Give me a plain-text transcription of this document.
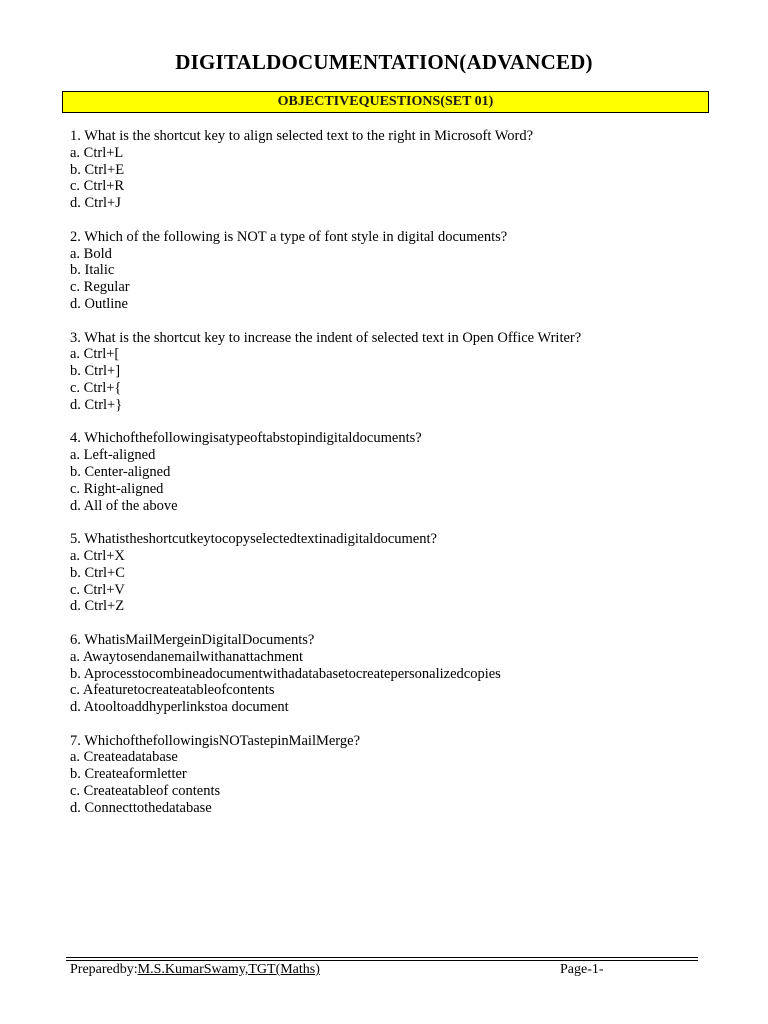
DIGITALDOCUMENTATION(ADVANCED)
OBJECTIVEQUESTIONS(SET 01)
1. What is the shortcut key to align selected text to the right in Microsoft Word?
a. Ctrl+L
b. Ctrl+E
c. Ctrl+R
d. Ctrl+J
2. Which of the following is NOT a type of font style in digital documents?
a. Bold
b. Italic
c. Regular
d. Outline
3. What is the shortcut key to increase the indent of selected text in Open Office Writer?
a. Ctrl+[
b. Ctrl+]
c. Ctrl+{
d. Ctrl+}
4. Whichofthefollowingisatypeoftabstopindigitaldocuments?
a. Left-aligned
b. Center-aligned
c. Right-aligned
d. All of the above
5. Whatistheshortcutkeytocopyselectedtextinadigitaldocument?
a. Ctrl+X
b. Ctrl+C
c. Ctrl+V
d. Ctrl+Z
6. WhatisMailMergeinDigitalDocuments?
a. Awaytosendanemailwithanattachment
b. Aprocesstocombineadocumentwithadatabasetocreatepersonalizedcopies
c. Afeaturetocreateatableofcontents
d. Atooltoaddhyperlinkstoa document
7. WhichofthefollowingisNOTastepinMailMerge?
a. Createadatabase
b. Createaformletter
c. Createatableof contents
d. Connecttothedatabase
Preparedby:M.S.KumarSwamy,TGT(Maths)	Page-1-
